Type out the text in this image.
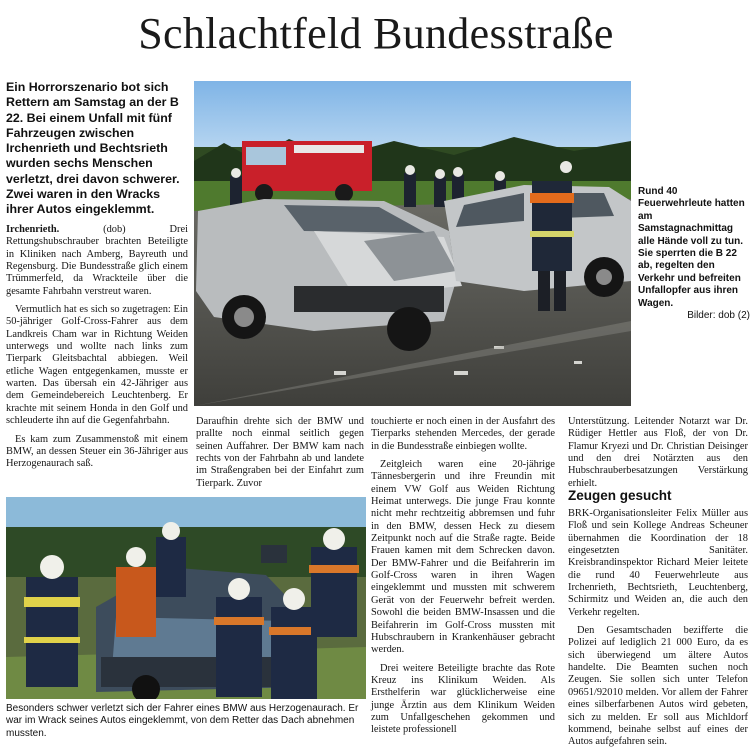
Schlachtfeld Bundesstraße
Ein Horrorszenario bot sich Rettern am Samstag an der B 22. Bei einem Unfall mit fünf Fahrzeugen zwischen Irchenrieth und Bechtsrieth wurden sechs Menschen verletzt, drei davon schwerer. Zwei waren in den Wracks ihrer Autos eingeklemmt.

Irchenrieth.	(dob) Drei Rettungshubschrauber brachten Beteiligte in Kliniken nach Amberg, Bayreuth und Regensburg. Die Bundesstraße glich einem Trümmerfeld, da Wrackteile über die gesamte Fahrbahn verstreut waren.

Vermutlich hat es sich so zugetragen: Ein 50-jähriger Golf-Cross-Fahrer aus dem Landkreis Cham war in Richtung Weiden unterwegs und wollte nach links zum Tierpark Gleitsbachtal abbiegen. Weil etliche Wagen entgegenkamen, musste er warten. Das übersah ein 42-Jähriger aus dem Gemeindebereich Leuchtenberg. Er krachte mit seinem Honda in den Golf und schleuderte ihn auf die Gegenfahrbahn.

Es kam zum Zusammenstoß mit einem BMW, an dessen Steuer ein 36-Jähriger aus Herzogenaurach saß.

Rund 40 Feuerwehrleute hatten am Samstagnachmittag alle Hände voll zu tun. Sie sperrten die B 22 ab, regelten den Verkehr und befreiten Unfallopfer aus ihren Wagen.
Bilder: dob (2)

Daraufhin drehte sich der BMW und prallte noch einmal seitlich gegen seinen Auffahrer. Der BMW kam nach rechts von der Fahrbahn ab und landete im Straßengraben bei der Einfahrt zum Tierpark. Zuvor

Besonders schwer verletzt sich der Fahrer eines BMW aus Herzogenaurach. Er war im Wrack seines Autos eingeklemmt, von dem Retter das Dach abnehmen mussten.

touchierte er noch einen in der Ausfahrt des Tierparks stehenden Mercedes, der gerade in die Bundesstraße einbiegen wollte.

Zeitgleich waren eine 20-jährige Tännesbergerin und ihre Freundin mit einem VW Golf aus Weiden Richtung Heimat unterwegs. Die junge Frau konnte nicht mehr rechtzeitig abbremsen und fuhr in den BMW, dessen Heck zu diesem Zeitpunkt noch auf die Straße ragte. Beide Frauen kamen mit dem Schrecken davon. Der BMW-Fahrer und die Beifahrerin im Golf-Cross waren in ihren Wagen eingeklemmt und mussten mit schwerem Gerät von der Feuerwehr befreit werden. Sowohl die beiden BMW-Insassen und die Beifahrerin im Golf-Cross mussten mit Hubschraubern in Krankenhäuser gebracht werden.

Drei weitere Beteiligte brachte das Rote Kreuz ins Klinikum Weiden. Als Ersthelferin war glücklicherweise eine junge Ärztin aus dem Klinikum Weiden zum Unfallgeschehen gekommen und leistete professionell

Unterstützung. Leitender Notarzt war Dr. Rüdiger Hettler aus Floß, der von Dr. Flamur Kryezi und Dr. Christian Deisinger und den drei Notärzten aus den Hubschrauberbesatzungen Verstärkung erhielt.

Zeugen gesucht

BRK-Organisationsleiter Felix Müller aus Floß und sein Kollege Andreas Scheuner übernahmen die Koordination der 18 eingesetzten Sanitäter. Kreisbrandinspektor Richard Meier leitete die rund 40 Feuerwehrleute aus Irchenrieth, Bechtsrieth, Leuchtenberg, Schirmitz und Weiden an, die auch den Verkehr regelten.

Den Gesamtschaden bezifferte die Polizei auf lediglich 21 000 Euro, da es sich überwiegend um ältere Autos handelte. Die Beamten suchen noch Zeugen. Sie sollen sich unter Telefon 09651/92010 melden. Vor allem der Fahrer eines silberfarbenen Autos wird gebeten, sich zu melden. Er soll aus Michldorf kommend, beinahe selbst auf eines der Autos aufgefahren sein.
